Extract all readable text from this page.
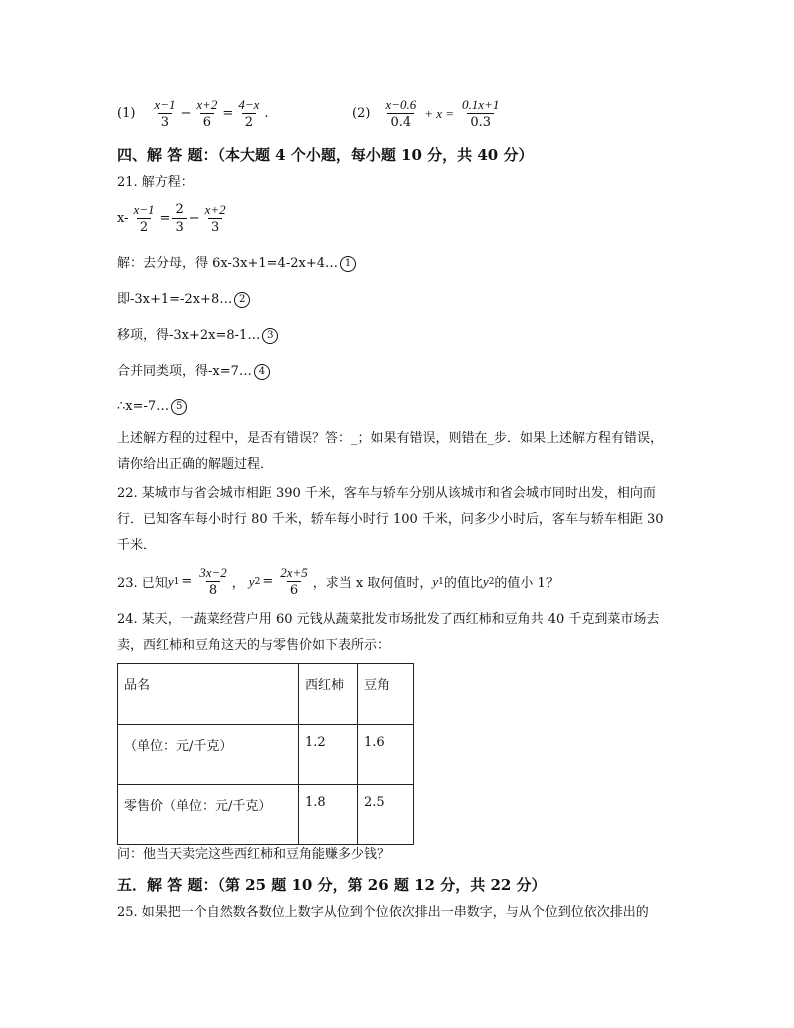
$(1) \frac{x-1}{3} - \frac{x+2}{6} = \frac{4-x}{2}$ .	$(2) \frac{x-0.6}{0.4} + x = \frac{0.1x+1}{0.3}$
四、解 答 题：（本大题 4 个小题，每小题 10 分，共 40 分）
21. 解方程：
$x- \frac{x-1}{2} = \frac{2}{3} - \frac{x+2}{3}$
解：去分母，得 6x-3x+1=4-2x+4… 1
即-3x+1=-2x+8… 2
移项，得-3x+2x=8-1… 3
合并同类项，得-x=7… 4
∴x=-7… 5
上述解方程的过程中，是否有错误？答：_；如果有错误，则错在_步．如果上述解方程有错误，请你给出正确的解题过程．
22. 某城市与省会城市相距 390 千米，客车与轿车分别从该城市和省会城市同时出发，相向而行．已知客车每小时行 80 千米，轿车每小时行 100 千米，问多少小时后，客车与轿车相距 30 千米．
23. 已知 y $1 = \frac{3x-2}{8}$ ， y $2 = \frac{2x+5}{6}$ ，求当 x 取何值时， y 1 的值比 y 2 的值小 1？
24. 某天，一蔬菜经营户用 60 元钱从蔬菜批发市场批发了西红柿和豆角共 40 千克到菜市场去卖，西红柿和豆角这天的与零售价如下表所示：
品名	西红柿	豆角
（单位：元/千克）	1.2	1.6
零售价（单位：元/千克）	1.8	2.5
问：他当天卖完这些西红柿和豆角能赚多少钱？
五．解 答 题：（第 25 题 10 分，第 26 题 12 分，共 22 分）
25. 如果把一个自然数各数位上数字从位到个位依次排出一串数字，与从个位到位依次排出的
